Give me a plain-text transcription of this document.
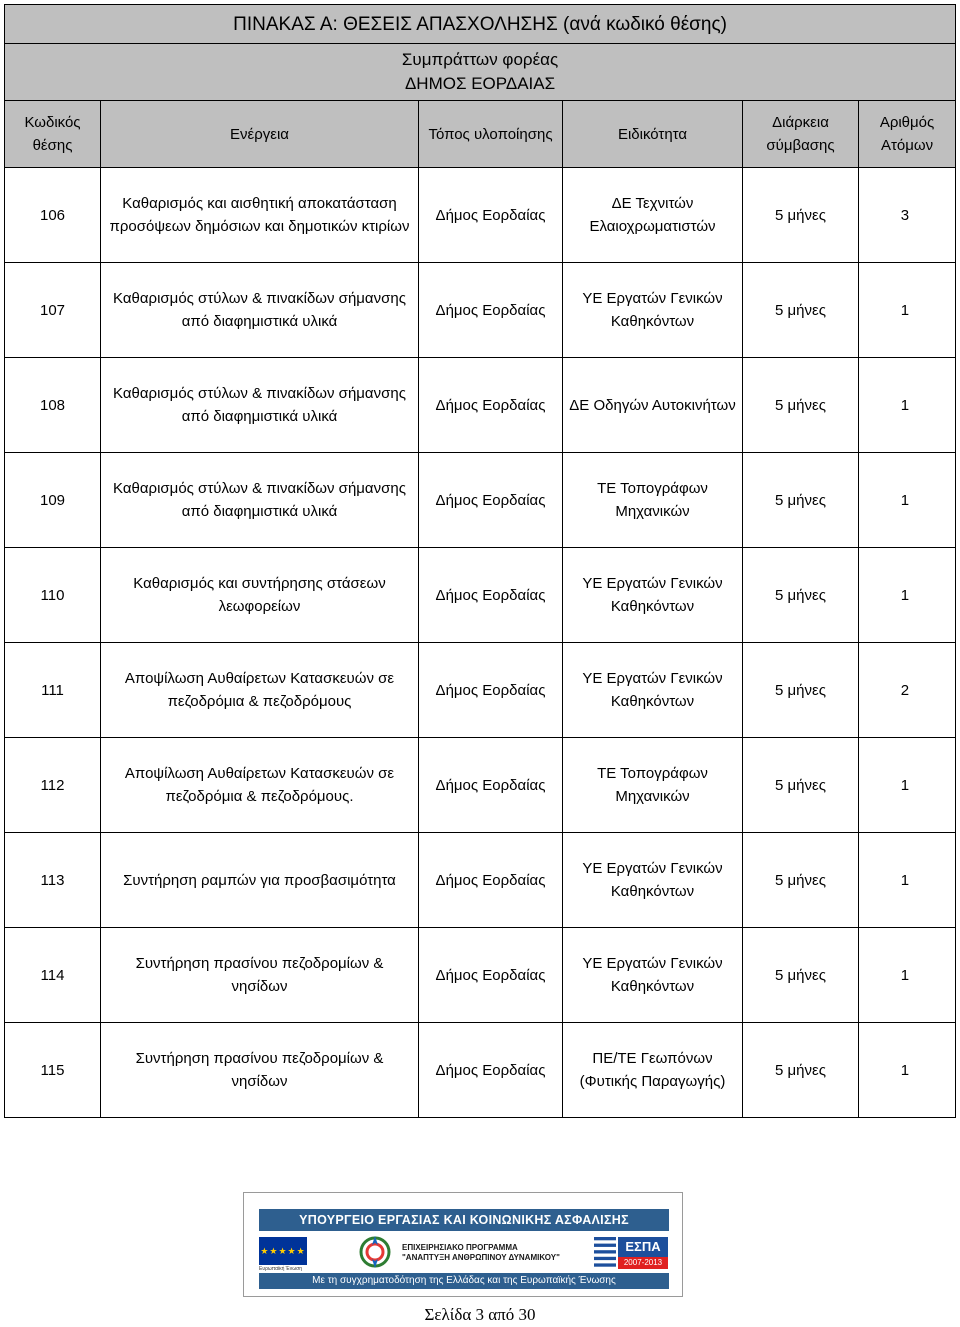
ΠΙΝΑΚΑΣ Α: ΘΕΣΕΙΣ ΑΠΑΣΧΟΛΗΣΗΣ (ανά κωδικό θέσης)					

Συμπράττων φορέας
ΔΗΜΟΣ ΕΟΡΔΑΙΑΣ					

Κωδικός θέσης	Ενέργεια	Τόπος υλοποίησης	Ειδικότητα	Διάρκεια σύμβασης	Αριθμός Ατόμων
106	Καθαρισμός και αισθητική αποκατάσταση προσόψεων δημόσιων και δημοτικών κτιρίων	Δήμος Εορδαίας	ΔΕ Τεχνιτών Ελαιοχρωματιστών	5 μήνες	3
107	Καθαρισμός στύλων & πινακίδων σήμανσης από διαφημιστικά υλικά	Δήμος Εορδαίας	ΥΕ Εργατών Γενικών Καθηκόντων	5 μήνες	1
108	Καθαρισμός στύλων & πινακίδων σήμανσης από διαφημιστικά υλικά	Δήμος Εορδαίας	ΔΕ Οδηγών Αυτοκινήτων	5 μήνες	1
109	Καθαρισμός στύλων & πινακίδων σήμανσης από διαφημιστικά υλικά	Δήμος Εορδαίας	ΤΕ Τοπογράφων Μηχανικών	5 μήνες	1
110	Καθαρισμός και συντήρησης στάσεων λεωφορείων	Δήμος Εορδαίας	ΥΕ Εργατών Γενικών Καθηκόντων	5 μήνες	1
111	Αποψίλωση Αυθαίρετων Κατασκευών σε πεζοδρόμια & πεζοδρόμους	Δήμος Εορδαίας	ΥΕ Εργατών Γενικών Καθηκόντων	5 μήνες	2
112	Αποψίλωση Αυθαίρετων Κατασκευών σε πεζοδρόμια & πεζοδρόμους.	Δήμος Εορδαίας	ΤΕ Τοπογράφων Μηχανικών	5 μήνες	1
113	Συντήρηση ραμπών για προσβασιμότητα	Δήμος Εορδαίας	ΥΕ Εργατών Γενικών Καθηκόντων	5 μήνες	1
114	Συντήρηση πρασίνου πεζοδρομίων & νησίδων	Δήμος Εορδαίας	ΥΕ Εργατών Γενικών Καθηκόντων	5 μήνες	1
115	Συντήρηση πρασίνου πεζοδρομίων & νησίδων	Δήμος Εορδαίας	ΠΕ/ΤΕ Γεωπόνων (Φυτικής Παραγωγής)	5 μήνες	1
ΥΠΟΥΡΓΕΙΟ ΕΡΓΑΣΙΑΣ ΚΑΙ ΚΟΙΝΩΝΙΚΗΣ ΑΣΦΑΛΙΣΗΣ
★★★★★
Ευρωπαϊκή Ένωση
ΕΠΙΧΕΙΡΗΣΙΑΚΟ ΠΡΟΓΡΑΜΜΑ
"ΑΝΑΠΤΥΞΗ ΑΝΘΡΩΠΙΝΟΥ ΔΥΝΑΜΙΚΟΥ"
ΕΣΠΑ
2007-2013
Με τη συγχρηματοδότηση της Ελλάδας και της Ευρωπαϊκής Ένωσης
Σελίδα 3 από 30
